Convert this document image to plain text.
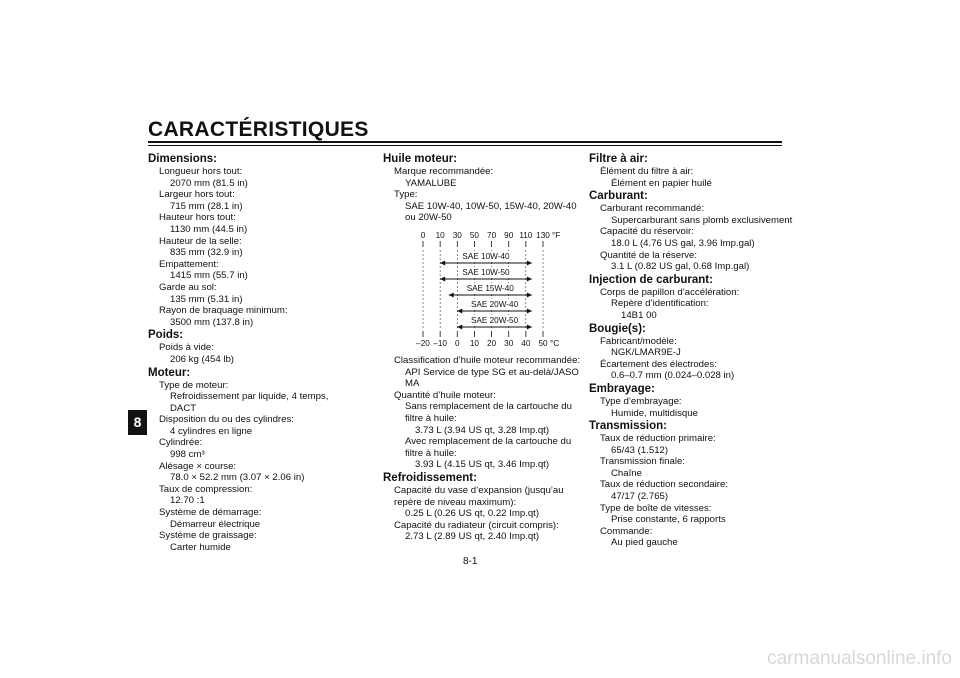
CARACTÉRISTIQUES
8
Dimensions:
Longueur hors tout:
2070 mm (81.5 in)
Largeur hors tout:
715 mm (28.1 in)
Hauteur hors tout:
1130 mm (44.5 in)
Hauteur de la selle:
835 mm (32.9 in)
Empattement:
1415 mm (55.7 in)
Garde au sol:
135 mm (5.31 in)
Rayon de braquage minimum:
3500 mm (137.8 in)
Poids:
Poids à vide:
206 kg (454 lb)
Moteur:
Type de moteur:
Refroidissement par liquide, 4 temps,
DACT
Disposition du ou des cylindres:
4 cylindres en ligne
Cylindrée:
998 cm³
Alésage × course:
78.0 × 52.2 mm (3.07 × 2.06 in)
Taux de compression:
12.70 :1
Système de démarrage:
Démarreur électrique
Système de graissage:
Carter humide
Huile moteur:
Marque recommandée:
YAMALUBE
Type:
SAE 10W-40, 10W-50, 15W-40, 20W-40
ou 20W-50
0 10 30 50 70 90 110 130 °F
–20 –10 0 10 20 30 40 50 °C
SAE 10W-40
SAE 10W-50
SAE 15W-40
SAE 20W-40
SAE 20W-50
Classification d’huile moteur recommandée:
API Service de type SG et au-delà/JASO
MA
Quantité d’huile moteur:
Sans remplacement de la cartouche du
filtre à huile:
3.73 L (3.94 US qt, 3.28 Imp.qt)
Avec remplacement de la cartouche du
filtre à huile:
3.93 L (4.15 US qt, 3.46 Imp.qt)
Refroidissement:
Capacité du vase d’expansion (jusqu’au
repère de niveau maximum):
0.25 L (0.26 US qt, 0.22 Imp.qt)
Capacité du radiateur (circuit compris):
2.73 L (2.89 US qt, 2.40 Imp.qt)
Filtre à air:
Élément du filtre à air:
Élément en papier huilé
Carburant:
Carburant recommandé:
Supercarburant sans plomb exclusivement
Capacité du réservoir:
18.0 L (4.76 US gal, 3.96 Imp.gal)
Quantité de la réserve:
3.1 L (0.82 US gal, 0.68 Imp.gal)
Injection de carburant:
Corps de papillon d’accélération:
Repère d’identification:
14B1 00
Bougie(s):
Fabricant/modèle:
NGK/LMAR9E-J
Écartement des électrodes:
0.6–0.7 mm (0.024–0.028 in)
Embrayage:
Type d’embrayage:
Humide, multidisque
Transmission:
Taux de réduction primaire:
65/43 (1.512)
Transmission finale:
Chaîne
Taux de réduction secondaire:
47/17 (2.765)
Type de boîte de vitesses:
Prise constante, 6 rapports
Commande:
Au pied gauche
8-1
carmanualsonline.info
